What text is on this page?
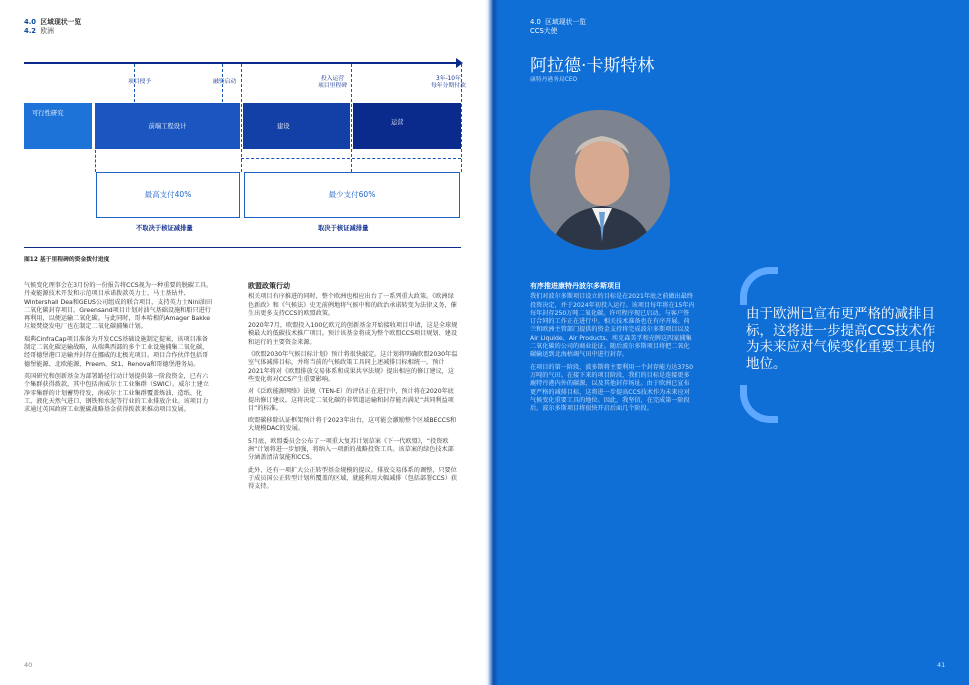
4.0 区域现状一览
4.2 欧洲
项目授予	融资启动	投入运营
项目里程碑
3年-10年
每年分期付款
可行性研究
前端工程设计	建设
运营
最高支付40%	最少支付60%
不取决于核证减排量	取决于核证减排量
图12 基于里程碑的资金拨付进度

气候变化理事会在3月份的一份报告将CCS视为一种重要的脱碳工具。丹麦能源技术开发和示范项目承诺拨款英力士、马士基钻井、Wintershall Dea和GEUS公司组成的联合项目，支持英力士Nini油田二氧化碳封存项目。Greensand项目计划对油气基础设施和船只进行再利用，以便运输二氧化碳。与此同时，哥本哈根的Amager Bakke垃圾焚烧发电厂也在制定二氧化碳捕集计划。

瑞典CinfraCap项目准备为开发CCS基础设施制定提案，该项目准备制定二氧化碳运输战略，从瑞典西部的多个工业设施捕集二氧化碳，经哥德堡港口运输并封存在挪威的北极光项目。项目合作伙伴包括哥德堡能源、北欧能源、Preem、St1、Renova和哥德堡港务局。

英国研究和创新基金为部署路径行动计划提供第一阶段资金，已有六个集群获得拨款，其中包括南威尔士工业集群（SWIC）。威尔士建立净零集群的计划蓄势待发，南威尔士工业集群覆盖炼油、造纸、化工、液化天然气进口、钢铁和水泥等行业的工业排放企业。该项目力求通过英国政府工业脱碳战略基金获得拨款来推动项目发展。

欧盟政策行动

相关项目有序推进的同时，整个欧洲也相应出台了一系列重大政策。《欧洲绿色新政》和《气候法》史无前例地将气候中和的政治承诺转变为法律义务，催生出更多支持CCS的欧盟政策。

2020年7月，欧盟投入100亿欧元的创新基金开始接收项目申请，这是全球规模最大的低碳技术推广项目。预计该基金将成为整个欧盟CCS项目规划、建设和运行的主要资金来源。

《欧盟2030年气候目标计划》预计将很快敲定。这计划将明确欧盟2030年温室气体减排目标，并将当前的气候政策工具同上述减排目标相统一。预计2021年将对《欧盟排放交易体系和成果共享法规》提出相应的修订建议，这些变化将对CCS产生重要影响。

对《泛欧能源网络》法规（TEN-E）的评估正在进行中，预计将在2020年底提出修订建议。这将决定二氧化碳的非管道运输和封存能否满足“共同利益项目”的标准。

欧盟碳移除认证框架预计将于2023年出台，这可能会激励整个区域BECCS和大规模DAC的发展。

5月底，欧盟委员会公布了一项重大复苏计划草案《下一代欧盟》，“投资欧洲”计划将进一步加强，将纳入一项新的战略投资工具。该草案的绿色技术部分涵盖清洁氢能和CCS。

此外，还有一项扩大公正转型基金规模的提议。排放交易体系的调整，只要位于成员国公正转型计划所覆盖的区域，就能利用大幅减排（包括部署CCS）获得支持。

40
4.0 区域现状一览
CCS大使
阿拉德·卡斯特林
康特丹港务局CEO
有序推进康特丹波尔多斯项目

我们对波尔多斯项目设立的目标是在2021年底之前做出最终投资决定，并于2024年初投入运行。该项目每年将在15年内每年封存250万吨二氧化碳。许可程序现已启动。与客户签订合同的工作正在进行中。相关技术准备也在有序开展。荷兰和欧洲主管部门提供的资金支持将完成波尔多斯项目以及Air Liquide、Air Products、埃克森美孚和壳牌这四家捕集二氧化碳的公司的商业论证。随后波尔多斯项目将把二氧化碳输送到北海枯竭气田中进行封存。

在项目的第一阶段，波多斯将主要利用一个封存能力达3750万吨的气田。在接下来的项目阶段，我们的目标是连接更多鹿特丹港内外的碳源，以及其他封存场址。由于欧洲已宣布更严格的减排目标，这将进一步提高CCS技术作为未来应对气候变化重要工具的地位。因此，我坚信，在完成第一阶段后，波尔多斯项目将很快开启后面几个阶段。

由于欧洲已宣布更严格的减排目标，这将进一步提高CCS技术作为未来应对气候变化重要工具的地位。
41
